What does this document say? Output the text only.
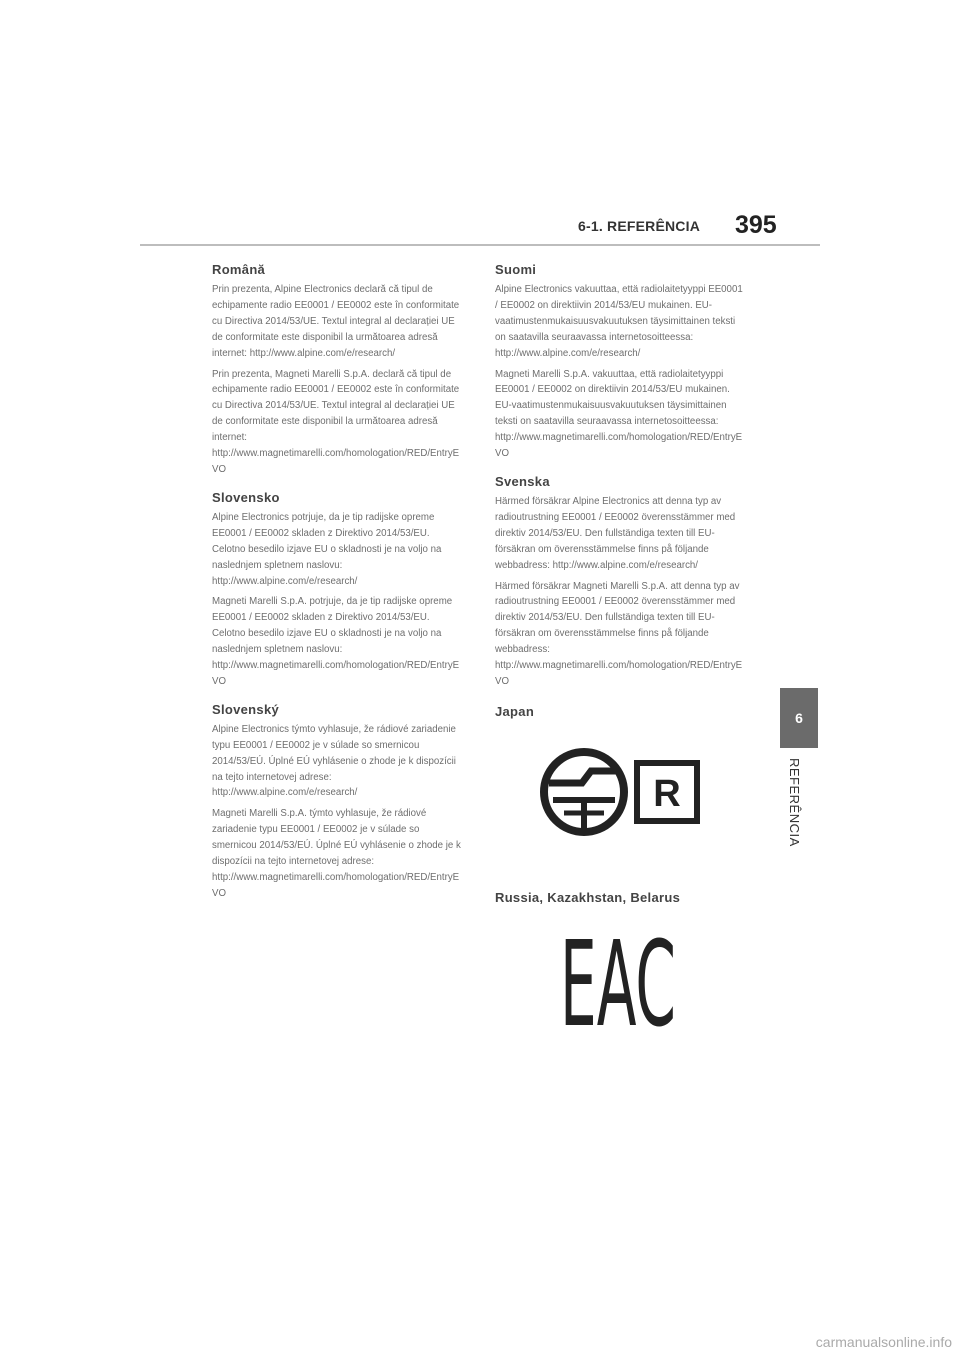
6-1. REFERÊNCIA 395
6
REFERÊNCIA
Română

Prin prezenta, Alpine Electronics declară că tipul de echipamente radio EE0001 / EE0002 este în conformitate cu Directiva 2014/53/UE. Textul integral al declarației UE de conformitate este disponibil la următoarea adresă internet: http://www.alpine.com/e/research/

Prin prezenta, Magneti Marelli S.p.A. declară că tipul de echipamente radio EE0001 / EE0002 este în conformitate cu Directiva 2014/53/UE. Textul integral al declarației UE de conformitate este disponibil la următoarea adresă internet: http://www.magnetimarelli.com/homologation/RED/EntryEVO

Slovensko

Alpine Electronics potrjuje, da je tip radijske opreme EE0001 / EE0002 skladen z Direktivo 2014/53/EU. Celotno besedilo izjave EU o skladnosti je na voljo na naslednjem spletnem naslovu: http://www.alpine.com/e/research/

Magneti Marelli S.p.A. potrjuje, da je tip radijske opreme EE0001 / EE0002 skladen z Direktivo 2014/53/EU. Celotno besedilo izjave EU o skladnosti je na voljo na naslednjem spletnem naslovu: http://www.magnetimarelli.com/homologation/RED/EntryEVO

Slovenský

Alpine Electronics týmto vyhlasuje, že rádiové zariadenie typu EE0001 / EE0002 je v súlade so smernicou 2014/53/EÚ. Úplné EÚ vyhlásenie o zhode je k dispozícii na tejto internetovej adrese: http://www.alpine.com/e/research/

Magneti Marelli S.p.A. týmto vyhlasuje, že rádiové zariadenie typu EE0001 / EE0002 je v súlade so smernicou 2014/53/EÚ. Úplné EÚ vyhlásenie o zhode je k dispozícii na tejto internetovej adrese: http://www.magnetimarelli.com/homologation/RED/EntryEVO

Suomi

Alpine Electronics vakuuttaa, että radiolaitetyyppi EE0001 / EE0002 on direktiivin 2014/53/EU mukainen. EU-vaatimustenmukaisuusvakuutuksen täysimittainen teksti on saatavilla seuraavassa internetosoitteessa: http://www.alpine.com/e/research/

Magneti Marelli S.p.A. vakuuttaa, että radiolaitetyyppi EE0001 / EE0002 on direktiivin 2014/53/EU mukainen. EU-vaatimustenmukaisuusvakuutuksen täysimittainen teksti on saatavilla seuraavassa internetosoitteessa: http://www.magnetimarelli.com/homologation/RED/EntryEVO

Svenska

Härmed försäkrar Alpine Electronics att denna typ av radioutrustning EE0001 / EE0002 överensstämmer med direktiv 2014/53/EU. Den fullständiga texten till EU-försäkran om överensstämmelse finns på följande webbadress: http://www.alpine.com/e/research/

Härmed försäkrar Magneti Marelli S.p.A. att denna typ av radioutrustning EE0001 / EE0002 överensstämmer med direktiv 2014/53/EU. Den fullständiga texten till EU-försäkran om överensstämmelse finns på följande webbadress: http://www.magnetimarelli.com/homologation/RED/EntryEVO

Japan
R
Russia, Kazakhstan, Belarus
EAC
carmanualsonline.info
